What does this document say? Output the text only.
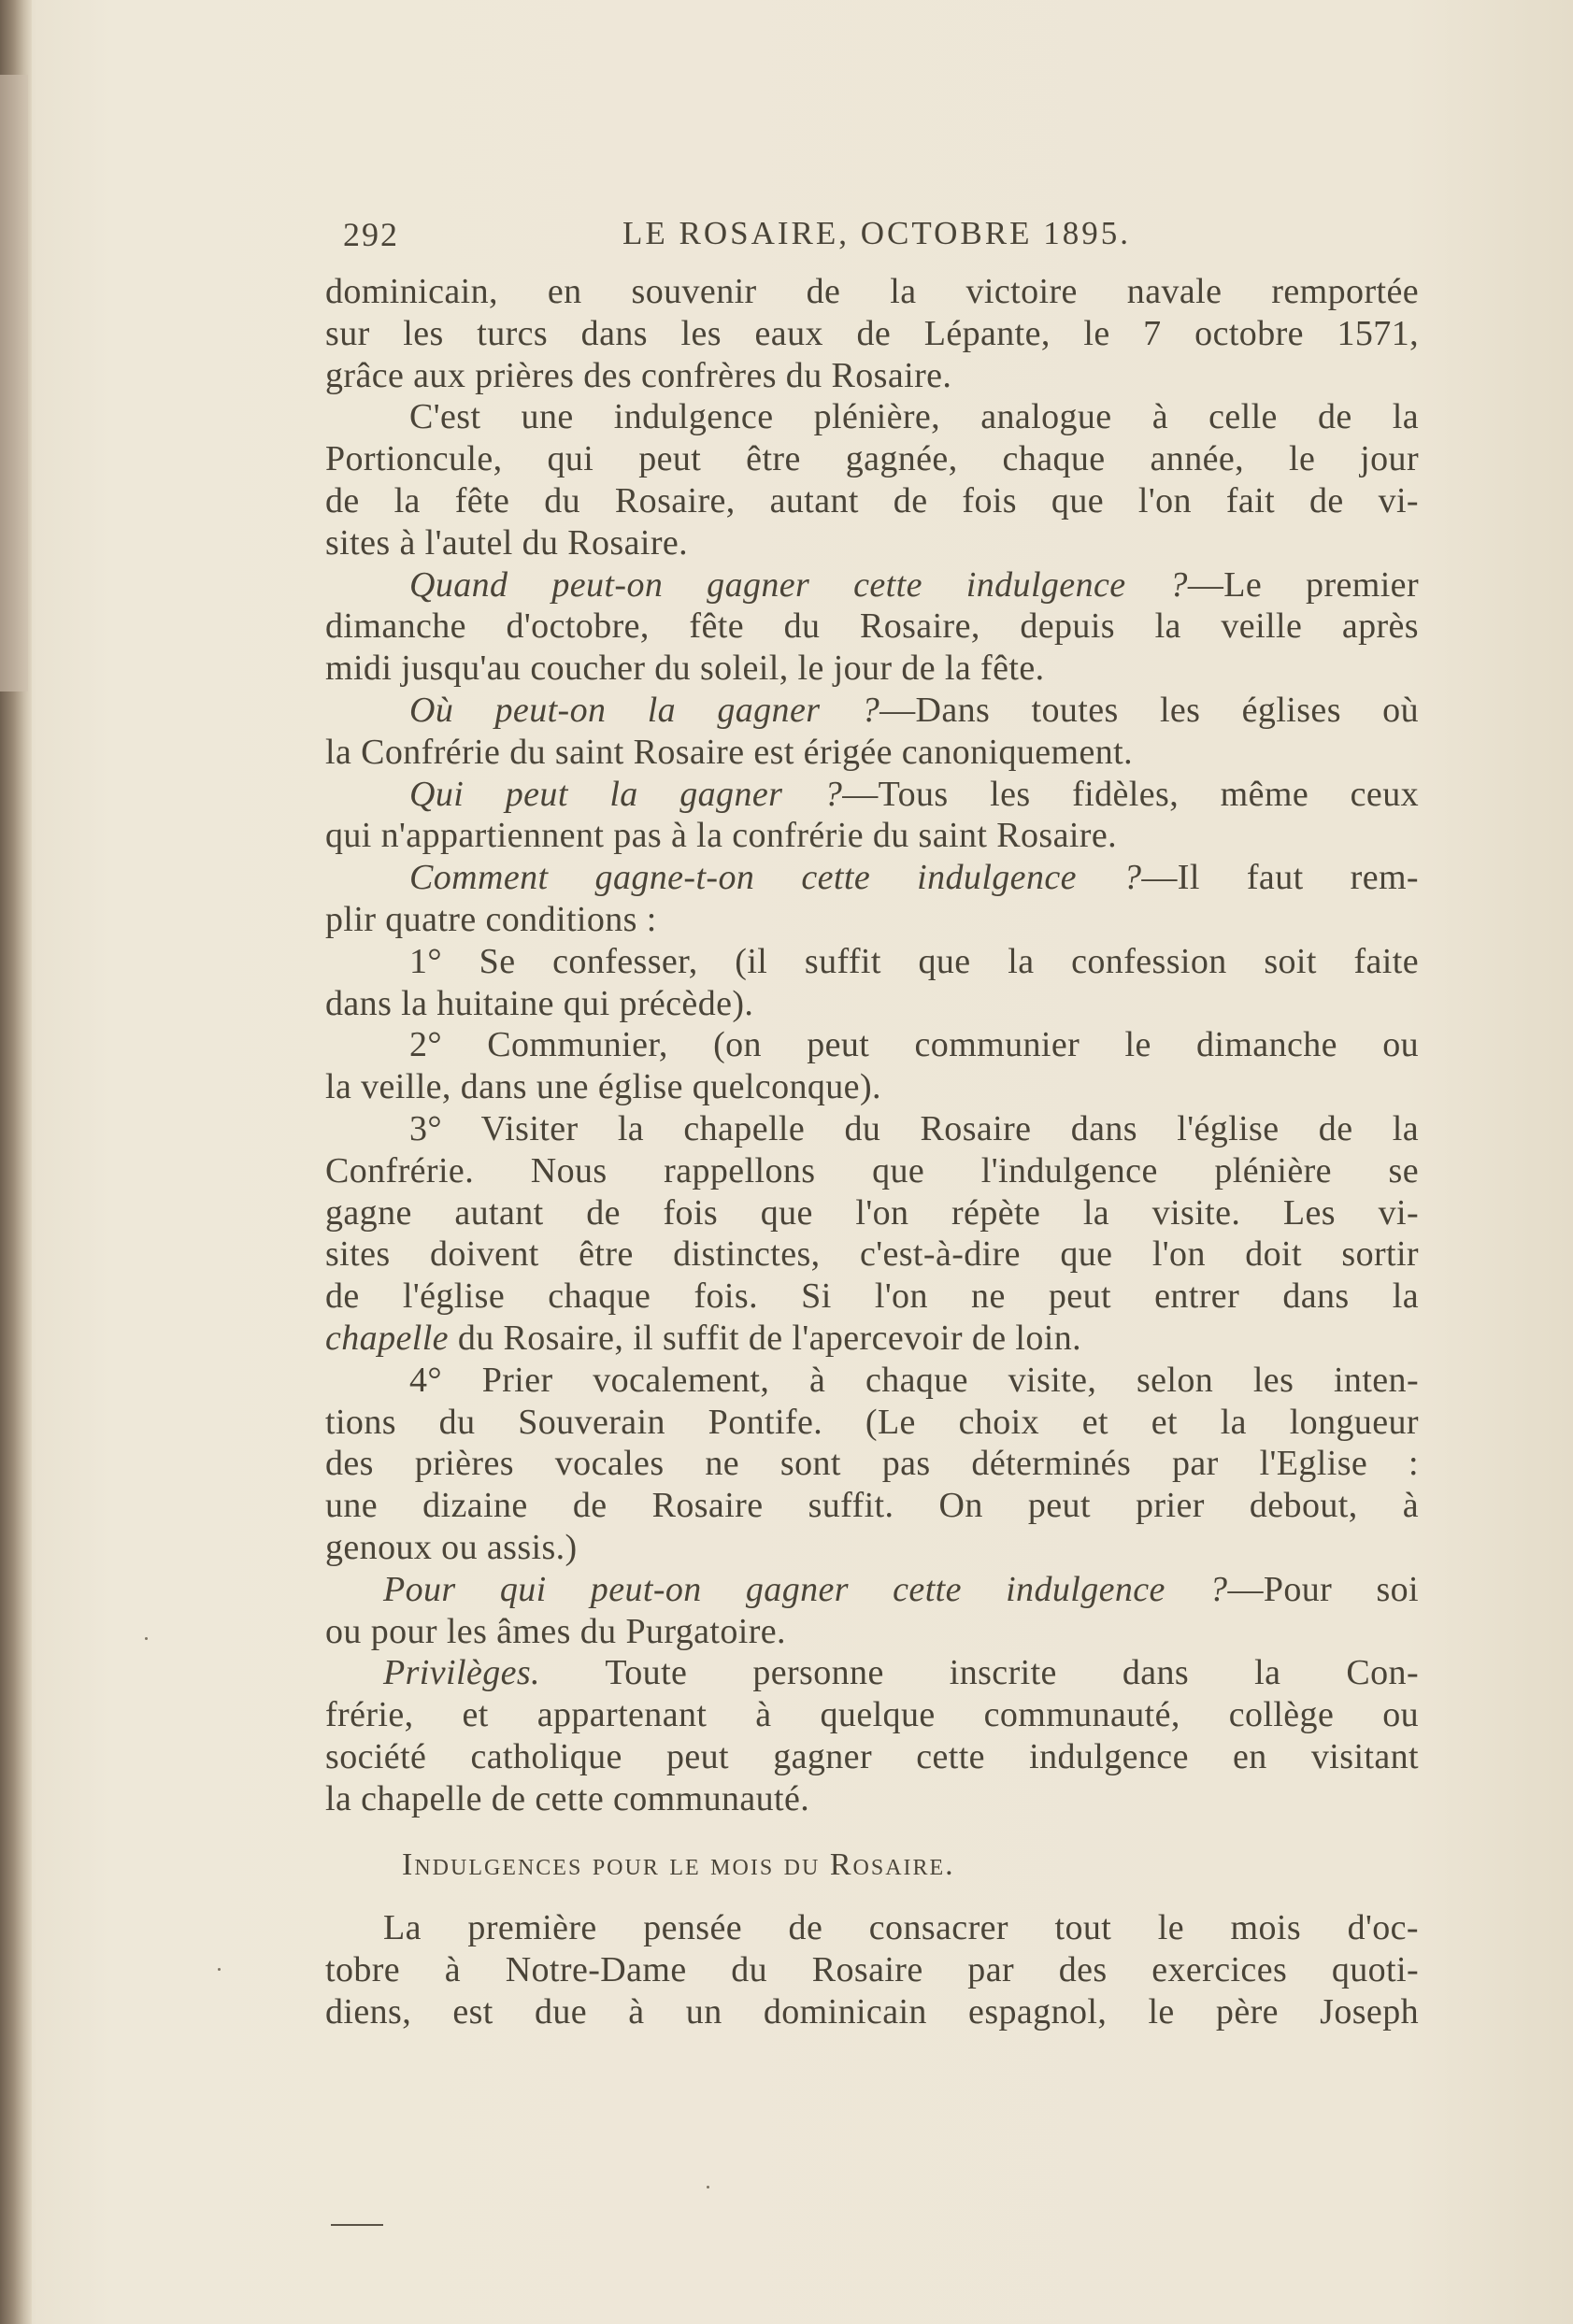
292	LE ROSAIRE, OCTOBRE 1895.
dominicain, en souvenir de la victoire navale remportée
sur les turcs dans les eaux de Lépante, le 7 octobre 1571,
grâce aux prières des confrères du Rosaire.
C'est une indulgence plénière, analogue à celle de la
Portioncule, qui peut être gagnée, chaque année, le jour
de la fête du Rosaire, autant de fois que l'on fait de vi-
sites à l'autel du Rosaire.
Quand peut-on gagner cette indulgence ?—Le premier
dimanche d'octobre, fête du Rosaire, depuis la veille après
midi jusqu'au coucher du soleil, le jour de la fête.
Où peut-on la gagner ?—Dans toutes les églises où
la Confrérie du saint Rosaire est érigée canoniquement.
Qui peut la gagner ?—Tous les fidèles, même ceux
qui n'appartiennent pas à la confrérie du saint Rosaire.
Comment gagne-t-on cette indulgence ?—Il faut rem-
plir quatre conditions :
1° Se confesser, (il suffit que la confession soit faite
dans la huitaine qui précède).
2° Communier, (on peut communier le dimanche ou
la veille, dans une église quelconque).
3° Visiter la chapelle du Rosaire dans l'église de la
Confrérie. Nous rappellons que l'indulgence plénière se
gagne autant de fois que l'on répète la visite. Les vi-
sites doivent être distinctes, c'est-à-dire que l'on doit sortir
de l'église chaque fois. Si l'on ne peut entrer dans la
chapelle du Rosaire, il suffit de l'apercevoir de loin.
4° Prier vocalement, à chaque visite, selon les inten-
tions du Souverain Pontife. (Le choix et et la longueur
des prières vocales ne sont pas déterminés par l'Eglise :
une dizaine de Rosaire suffit. On peut prier debout, à
genoux ou assis.)
Pour qui peut-on gagner cette indulgence ?—Pour soi
ou pour les âmes du Purgatoire.
Privilèges. Toute personne inscrite dans la Con-
frérie, et appartenant à quelque communauté, collège ou
société catholique peut gagner cette indulgence en visitant
la chapelle de cette communauté.
Indulgences pour le mois du Rosaire.
La première pensée de consacrer tout le mois d'oc-
tobre à Notre-Dame du Rosaire par des exercices quoti-
diens, est due à un dominicain espagnol, le père Joseph
